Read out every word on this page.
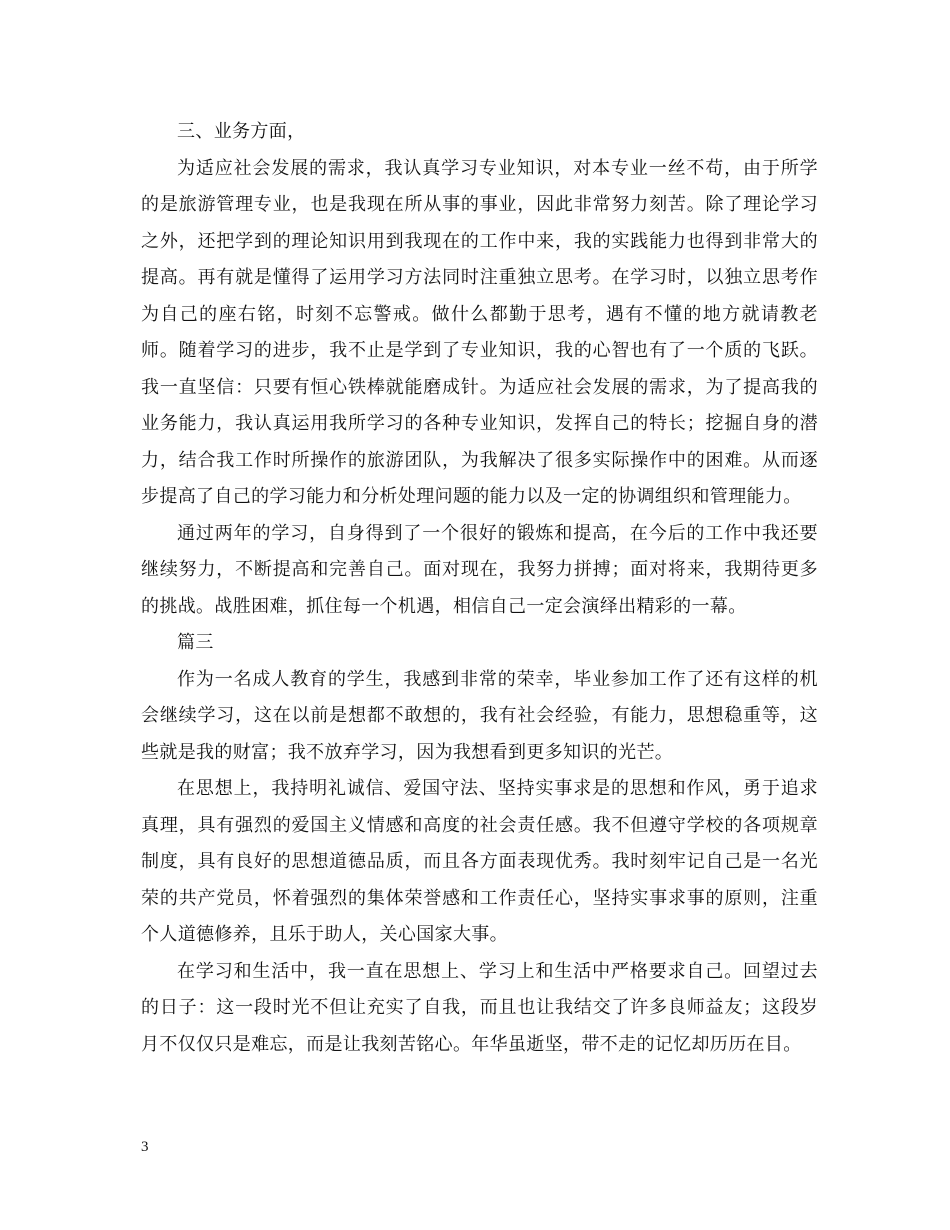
三、业务方面，

为适应社会发展的需求，我认真学习专业知识，对本专业一丝不苟，由于所学的是旅游管理专业，也是我现在所从事的事业，因此非常努力刻苦。除了理论学习之外，还把学到的理论知识用到我现在的工作中来，我的实践能力也得到非常大的提高。再有就是懂得了运用学习方法同时注重独立思考。在学习时，以独立思考作为自己的座右铭，时刻不忘警戒。做什么都勤于思考，遇有不懂的地方就请教老师。随着学习的进步，我不止是学到了专业知识，我的心智也有了一个质的飞跃。我一直坚信：只要有恒心铁棒就能磨成针。为适应社会发展的需求，为了提高我的业务能力，我认真运用我所学习的各种专业知识，发挥自己的特长；挖掘自身的潜力，结合我工作时所操作的旅游团队，为我解决了很多实际操作中的困难。从而逐步提高了自己的学习能力和分析处理问题的能力以及一定的协调组织和管理能力。

通过两年的学习，自身得到了一个很好的锻炼和提高，在今后的工作中我还要继续努力，不断提高和完善自己。面对现在，我努力拼搏；面对将来，我期待更多的挑战。战胜困难，抓住每一个机遇，相信自己一定会演绎出精彩的一幕。

篇三

作为一名成人教育的学生，我感到非常的荣幸，毕业参加工作了还有这样的机会继续学习，这在以前是想都不敢想的，我有社会经验，有能力，思想稳重等，这些就是我的财富；我不放弃学习，因为我想看到更多知识的光芒。

在思想上，我持明礼诚信、爱国守法、坚持实事求是的思想和作风，勇于追求真理，具有强烈的爱国主义情感和高度的社会责任感。我不但遵守学校的各项规章制度，具有良好的思想道德品质，而且各方面表现优秀。我时刻牢记自己是一名光荣的共产党员，怀着强烈的集体荣誉感和工作责任心，坚持实事求事的原则，注重个人道德修养，且乐于助人，关心国家大事。

在学习和生活中，我一直在思想上、学习上和生活中严格要求自己。回望过去的日子：这一段时光不但让充实了自我，而且也让我结交了许多良师益友；这段岁月不仅仅只是难忘，而是让我刻苦铭心。年华虽逝坚，带不走的记忆却历历在目。

3
